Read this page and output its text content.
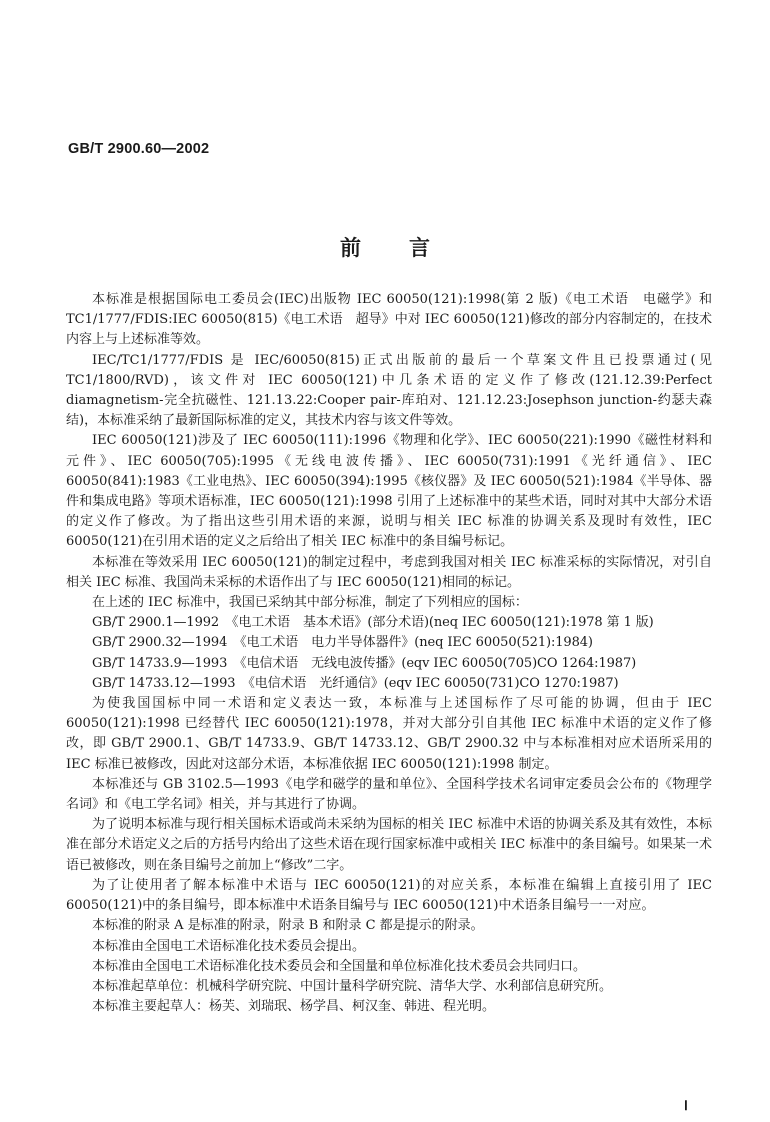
GB/T 2900.60—2002
前言

本标准是根据国际电工委员会(IEC)出版物 IEC 60050(121):1998(第 2 版)《电工术语　电磁学》和 TC1/1777/FDIS:IEC 60050(815)《电工术语　超导》中对 IEC 60050(121)修改的部分内容制定的，在技术内容上与上述标准等效。

IEC/TC1/1777/FDIS 是 IEC/60050(815)正式出版前的最后一个草案文件且已投票通过(见 TC1/1800/RVD)，该文件对 IEC 60050(121)中几条术语的定义作了修改(121.12.39:Perfect diamagnetism-完全抗磁性、121.13.22:Cooper pair-库珀对、121.12.23:Josephson junction-约瑟夫森结)，本标准采纳了最新国际标准的定义，其技术内容与该文件等效。

IEC 60050(121)涉及了 IEC 60050(111):1996《物理和化学》、IEC 60050(221):1990《磁性材料和元件》、IEC 60050(705):1995《无线电波传播》、IEC 60050(731):1991《光纤通信》、IEC 60050(841):1983《工业电热》、IEC 60050(394):1995《核仪器》及 IEC 60050(521):1984《半导体、器件和集成电路》等项术语标准，IEC 60050(121):1998 引用了上述标准中的某些术语，同时对其中大部分术语的定义作了修改。为了指出这些引用术语的来源，说明与相关 IEC 标准的协调关系及现时有效性，IEC 60050(121)在引用术语的定义之后给出了相关 IEC 标准中的条目编号标记。

本标准在等效采用 IEC 60050(121)的制定过程中，考虑到我国对相关 IEC 标准采标的实际情况，对引自相关 IEC 标准、我国尚未采标的术语作出了与 IEC 60050(121)相同的标记。

在上述的 IEC 标准中，我国已采纳其中部分标准，制定了下列相应的国标：

GB/T 2900.1—1992　《电工术语　基本术语》(部分术语)(neq IEC 60050(121):1978 第 1 版)
GB/T 2900.32—1994　《电工术语　电力半导体器件》(neq IEC 60050(521):1984)
GB/T 14733.9—1993　《电信术语　无线电波传播》(eqv IEC 60050(705)CO 1264:1987)
GB/T 14733.12—1993　《电信术语　光纤通信》(eqv IEC 60050(731)CO 1270:1987)

为使我国国标中同一术语和定义表达一致，本标准与上述国标作了尽可能的协调，但由于 IEC 60050(121):1998 已经替代 IEC 60050(121):1978，并对大部分引自其他 IEC 标准中术语的定义作了修改，即 GB/T 2900.1、GB/T 14733.9、GB/T 14733.12、GB/T 2900.32 中与本标准相对应术语所采用的 IEC 标准已被修改，因此对这部分术语，本标准依据 IEC 60050(121):1998 制定。

本标准还与 GB 3102.5—1993《电学和磁学的量和单位》、全国科学技术名词审定委员会公布的《物理学名词》和《电工学名词》相关，并与其进行了协调。

为了说明本标准与现行相关国标术语或尚未采纳为国标的相关 IEC 标准中术语的协调关系及其有效性，本标准在部分术语定义之后的方括号内给出了这些术语在现行国家标准中或相关 IEC 标准中的条目编号。如果某一术语已被修改，则在条目编号之前加上“修改”二字。

为了让使用者了解本标准中术语与 IEC 60050(121)的对应关系，本标准在编辑上直接引用了 IEC 60050(121)中的条目编号，即本标准中术语条目编号与 IEC 60050(121)中术语条目编号一一对应。

本标准的附录 A 是标准的附录，附录 B 和附录 C 都是提示的附录。

本标准由全国电工术语标准化技术委员会提出。

本标准由全国电工术语标准化技术委员会和全国量和单位标准化技术委员会共同归口。

本标准起草单位：机械科学研究院、中国计量科学研究院、清华大学、水利部信息研究所。

本标准主要起草人：杨芙、刘瑞珉、杨学昌、柯汉奎、韩进、程光明。

Ⅰ
